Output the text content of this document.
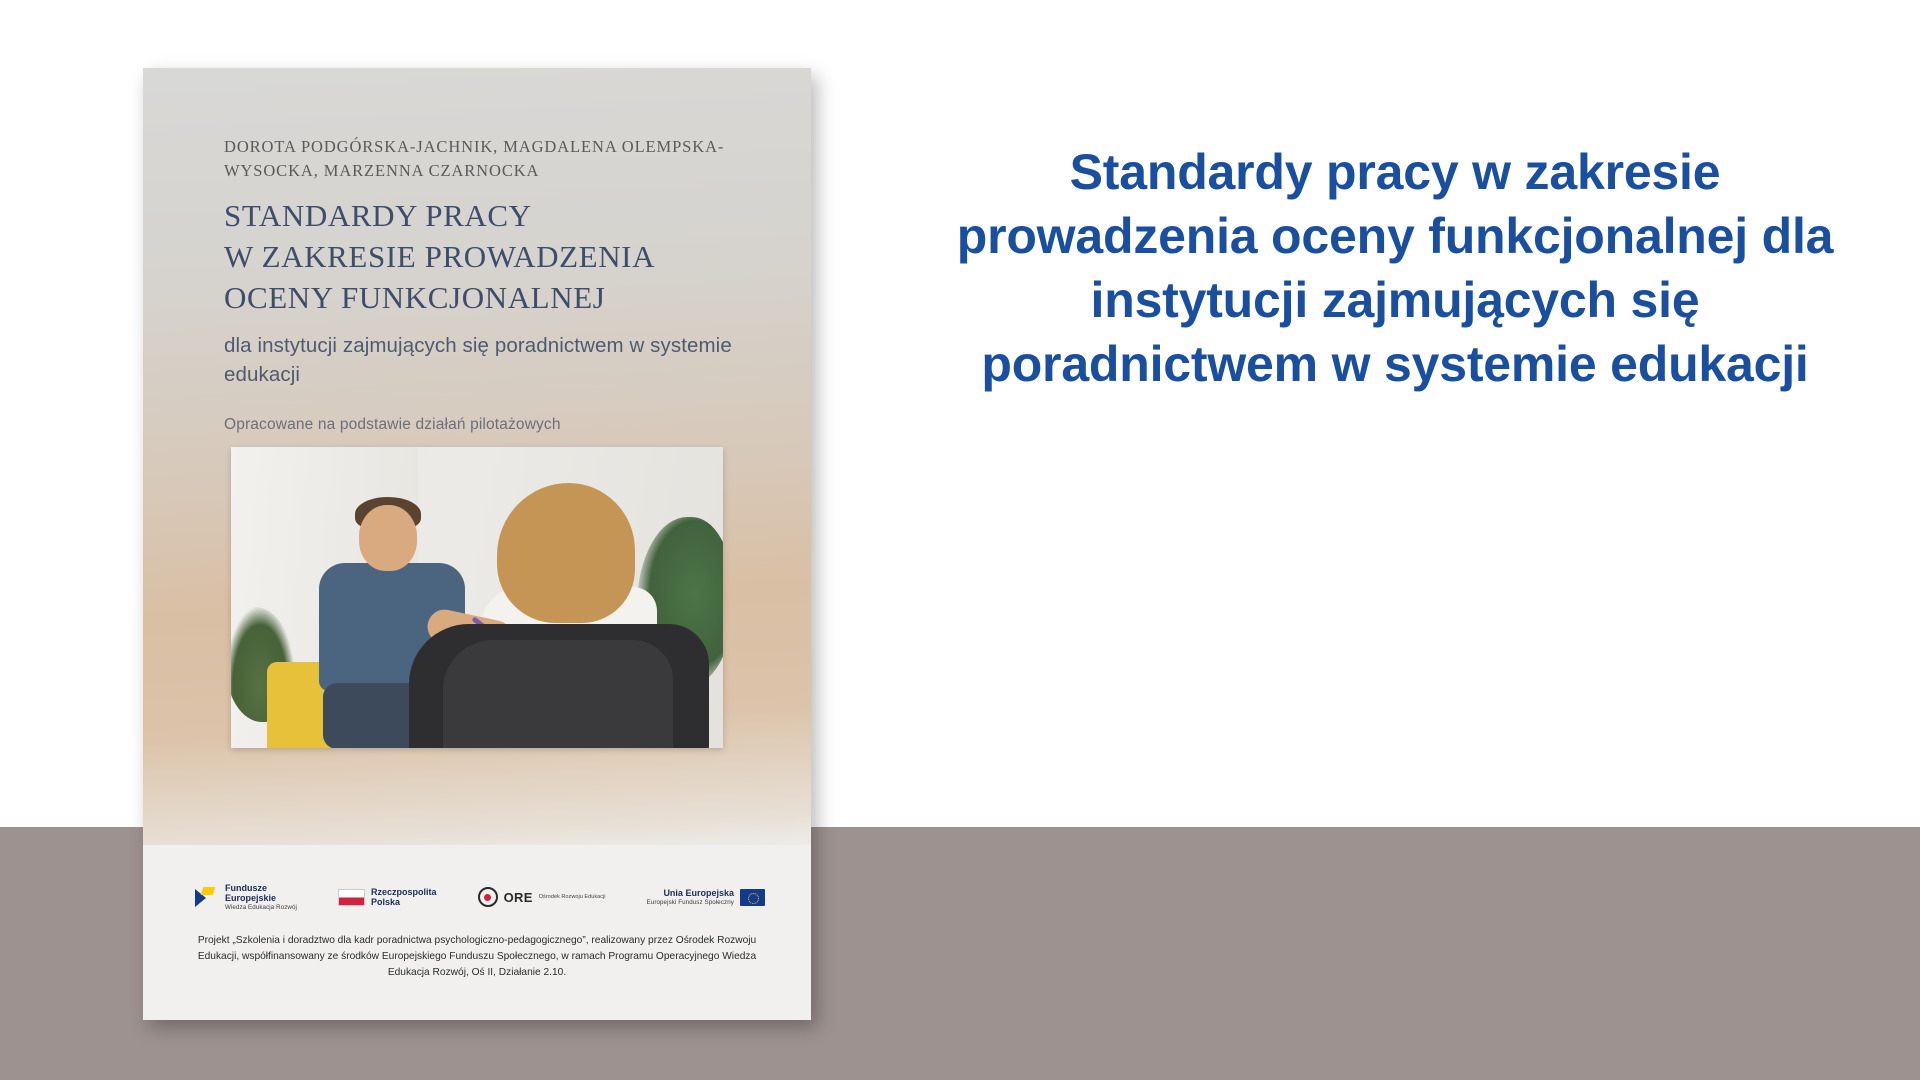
DOROTA PODGÓRSKA-JACHNIK, MAGDALENA OLEMPSKA-WYSOCKA, MARZENNA CZARNOCKA
STANDARDY PRACY
W ZAKRESIE PROWADZENIA
OCENY FUNKCJONALNEJ
dla instytucji zajmujących się poradnictwem w systemie edukacji
Opracowane na podstawie działań pilotażowych
Fundusze
Europejskie
Wiedza Edukacja Rozwój
Rzeczpospolita
Polska	ORE Ośrodek Rozwoju Edukacji	Unia Europejska
Europejski Fundusz Społeczny
Projekt „Szkolenia i doradztwo dla kadr poradnictwa psychologiczno-pedagogicznego”, realizowany przez Ośrodek Rozwoju Edukacji, współfinansowany ze środków Europejskiego Funduszu Społecznego, w ramach Programu Operacyjnego Wiedza Edukacja Rozwój, Oś II, Działanie 2.10.
Standardy pracy w zakresie prowadzenia oceny funkcjonalnej dla instytucji zajmujących się poradnictwem w systemie edukacji
